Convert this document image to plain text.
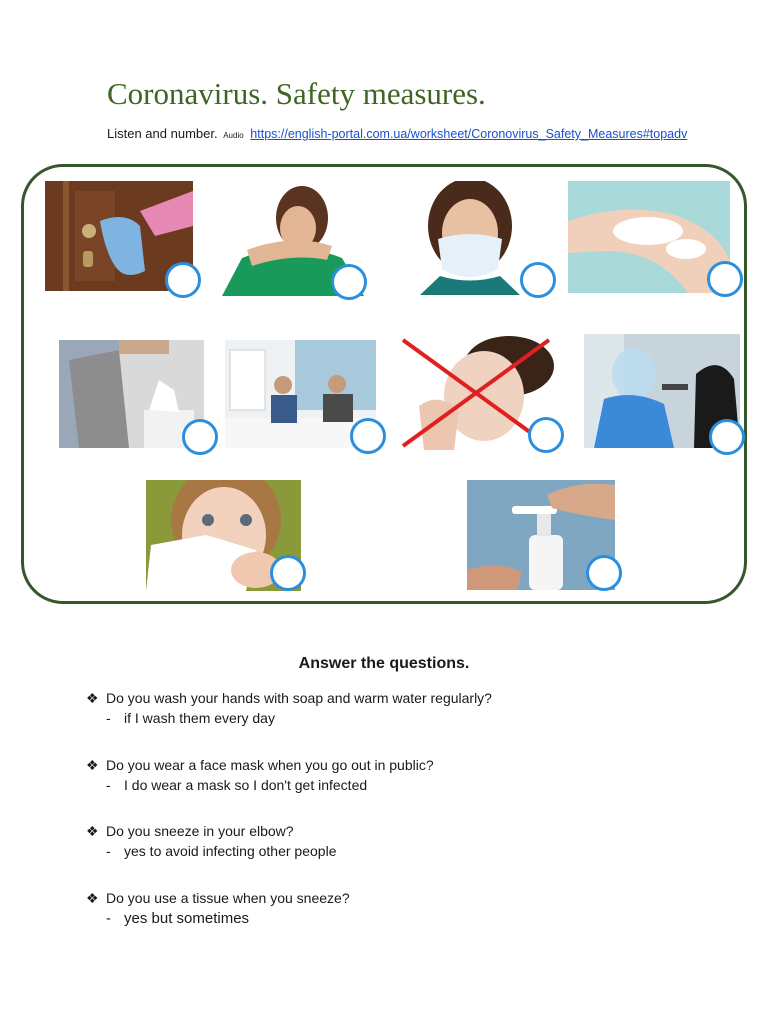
Coronavirus. Safety measures.
Listen and number. Audio https://english-portal.com.ua/worksheet/Coronovirus_Safety_Measures#topadv
Answer the questions.
❖ Do you wash your hands with soap and warm water regularly?
- if I wash them every day
❖ Do you wear a face mask when you go out in public?
- I do wear a mask so I don't get infected
❖ Do you sneeze in your elbow?
- yes to avoid infecting other people
❖ Do you use a tissue when you sneeze?
- yes but sometimes
